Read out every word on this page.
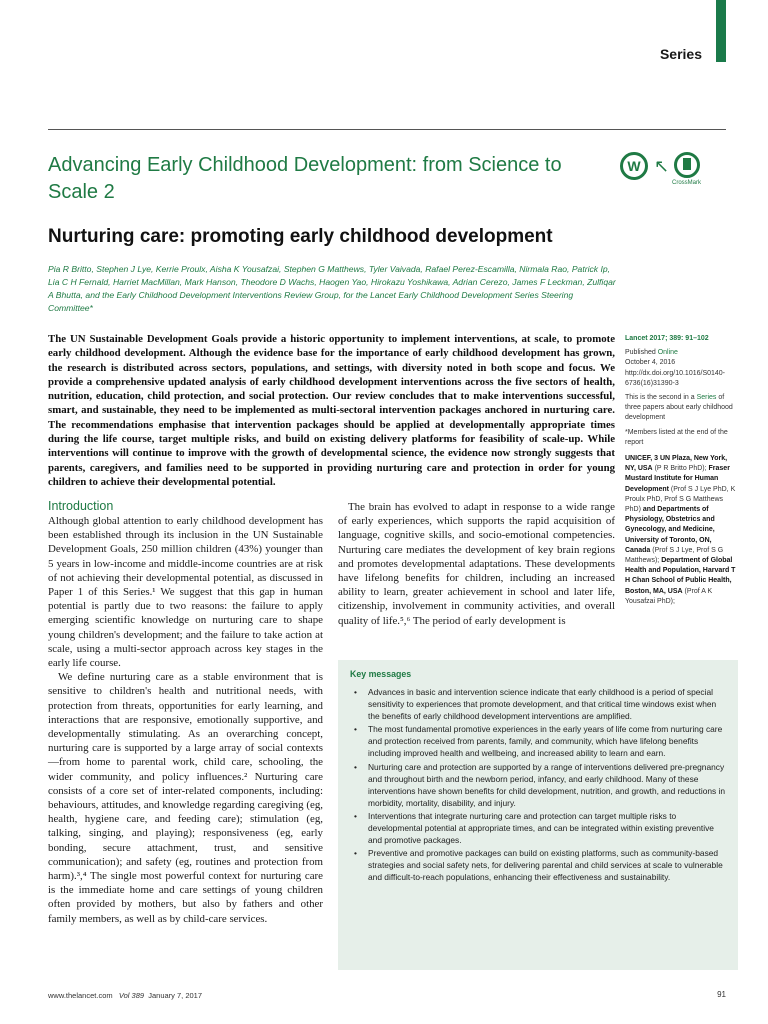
Series
Advancing Early Childhood Development: from Science to Scale 2
W ↖
CrossMark
Nurturing care: promoting early childhood development
Pia R Britto, Stephen J Lye, Kerrie Proulx, Aisha K Yousafzai, Stephen G Matthews, Tyler Vaivada, Rafael Perez-Escamilla, Nirmala Rao, Patrick Ip, Lia C H Fernald, Harriet MacMillan, Mark Hanson, Theodore D Wachs, Haogen Yao, Hirokazu Yoshikawa, Adrian Cerezo, James F Leckman, Zulfiqar A Bhutta, and the Early Childhood Development Interventions Review Group, for the Lancet Early Childhood Development Series Steering Committee*
The UN Sustainable Development Goals provide a historic opportunity to implement interventions, at scale, to promote early childhood development. Although the evidence base for the importance of early childhood development has grown, the research is distributed across sectors, populations, and settings, with diversity noted in both scope and focus. We provide a comprehensive updated analysis of early childhood development interventions across the five sectors of health, nutrition, education, child protection, and social protection. Our review concludes that to make interventions successful, smart, and sustainable, they need to be implemented as multi-sectoral intervention packages anchored in nurturing care. The recommendations emphasise that intervention packages should be applied at developmentally appropriate times during the life course, target multiple risks, and build on existing delivery platforms for feasibility of scale-up. While interventions will continue to improve with the growth of developmental science, the evidence now strongly suggests that parents, caregivers, and families need to be supported in providing nurturing care and protection in order for young children to achieve their developmental potential.

Lancet 2017; 389: 91–102

Published Online
October 4, 2016
http://dx.doi.org/10.1016/S0140-6736(16)31390-3

This is the second in a Series of three papers about early childhood development

*Members listed at the end of the report

UNICEF, 3 UN Plaza, New York, NY, USA (P R Britto PhD); Fraser Mustard Institute for Human Development (Prof S J Lye PhD, K Proulx PhD, Prof S G Matthews PhD) and Departments of Physiology, Obstetrics and Gynecology, and Medicine, University of Toronto, ON, Canada (Prof S J Lye, Prof S G Matthews); Department of Global Health and Population, Harvard T H Chan School of Public Health, Boston, MA, USA (Prof A K Yousafzai PhD);

Introduction

Although global attention to early childhood development has been established through its inclusion in the UN Sustainable Development Goals, 250 million children (43%) younger than 5 years in low-income and middle-income countries are at risk of not achieving their developmental potential, as discussed in Paper 1 of this Series.¹ We suggest that this gap in human potential is partly due to two reasons: the failure to apply emerging scientific knowledge on nurturing care to shape young children's development; and the failure to take action at scale, using a multi-sector approach across key stages in the early life course.

We define nurturing care as a stable environment that is sensitive to children's health and nutritional needs, with protection from threats, opportunities for early learning, and interactions that are responsive, emotionally supportive, and developmentally stimulating. As an overarching concept, nurturing care is supported by a large array of social contexts—from home to parental work, child care, schooling, the wider community, and policy influences.² Nurturing care consists of a core set of inter-related components, including: behaviours, attitudes, and knowledge regarding caregiving (eg, health, hygiene care, and feeding care); stimulation (eg, talking, singing, and playing); responsiveness (eg, early bonding, secure attachment, trust, and sensitive communication); and safety (eg, routines and protection from harm).³,⁴ The single most powerful context for nurturing care is the immediate home and care settings of young children often provided by mothers, but also by fathers and other family members, as well as by child-care services.

The brain has evolved to adapt in response to a wide range of early experiences, which supports the rapid acquisition of language, cognitive skills, and socio-emotional competencies. Nurturing care mediates the development of key brain regions and promotes developmental adaptations. These developments have lifelong benefits for children, including an increased ability to learn, greater achievement in school and later life, citizenship, involvement in community activities, and overall quality of life.⁵,⁶ The period of early development is

Key messages
• Advances in basic and intervention science indicate that early childhood is a period of special sensitivity to experiences that promote development, and that critical time windows exist when the benefits of early childhood development interventions are amplified.
• The most fundamental promotive experiences in the early years of life come from nurturing care and protection received from parents, family, and community, which have lifelong benefits including improved health and wellbeing, and increased ability to learn and earn.
• Nurturing care and protection are supported by a range of interventions delivered pre-pregnancy and throughout birth and the newborn period, infancy, and early childhood. Many of these interventions have shown benefits for child development, nutrition, and growth, and reductions in morbidity, mortality, disability, and injury.
• Interventions that integrate nurturing care and protection can target multiple risks to developmental potential at appropriate times, and can be integrated within existing preventive and promotive packages.
• Preventive and promotive packages can build on existing platforms, such as community-based strategies and social safety nets, for delivering parental and child services at scale to vulnerable and difficult-to-reach populations, enhancing their effectiveness and sustainability.
www.thelancet.com Vol 389 January 7, 2017	91
